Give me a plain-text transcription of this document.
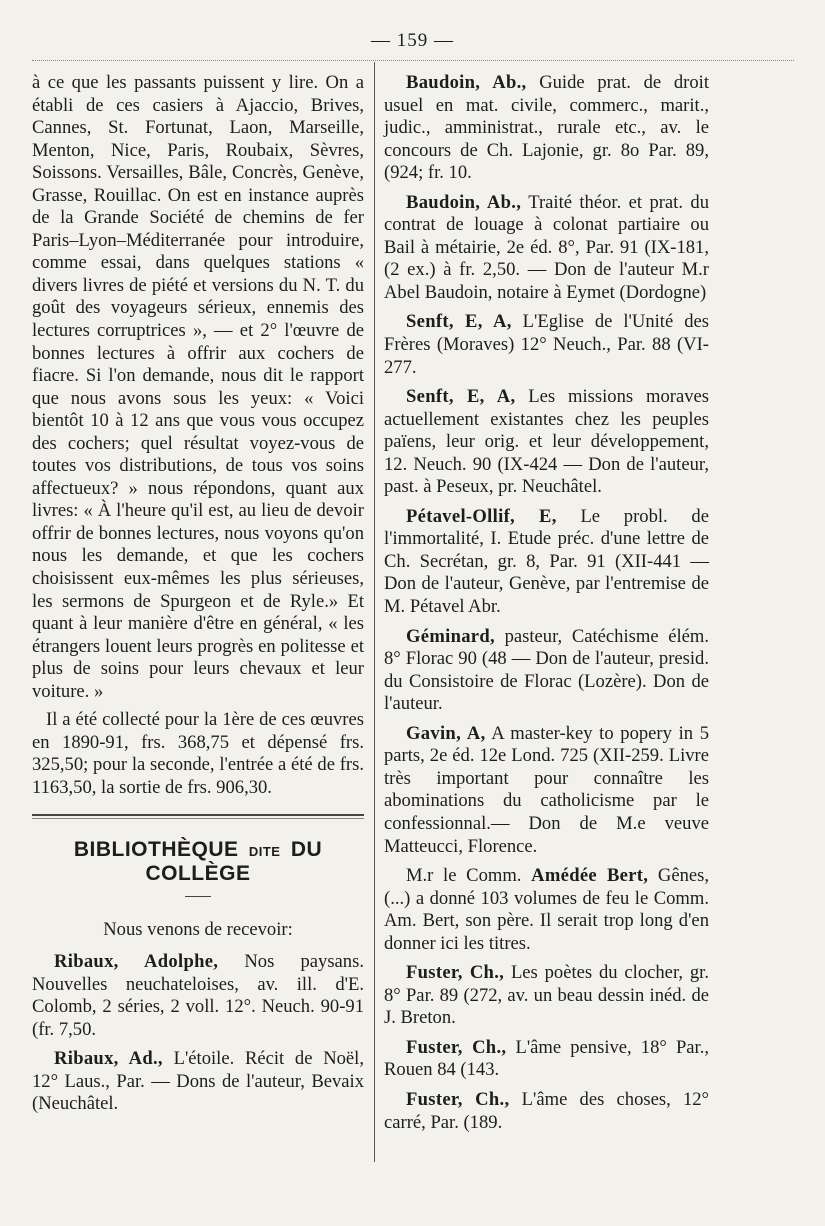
— 159 —

à ce que les passants puissent y lire. On a établi de ces casiers à Ajaccio, Brives, Cannes, St. Fortunat, Laon, Marseille, Menton, Nice, Paris, Roubaix, Sèvres, Soissons. Versailles, Bâle, Concrès, Genève, Grasse, Rouillac. On est en instance auprès de la Grande Société de chemins de fer Paris–Lyon–Méditerranée pour introduire, comme essai, dans quelques stations « divers livres de piété et versions du N. T. du goût des voyageurs sérieux, ennemis des lectures corruptrices », — et 2° l'œuvre de bonnes lectures à offrir aux cochers de fiacre. Si l'on demande, nous dit le rapport que nous avons sous les yeux: « Voici bientôt 10 à 12 ans que vous vous occupez des cochers; quel résultat voyez-vous de toutes vos distributions, de tous vos soins affectueux? » nous répondons, quant aux livres: « À l'heure qu'il est, au lieu de devoir offrir de bonnes lectures, nous voyons qu'on nous les demande, et que les cochers choisissent eux-mêmes les plus sérieuses, les sermons de Spurgeon et de Ryle.» Et quant à leur manière d'être en général, « les étrangers louent leurs progrès en politesse et plus de soins pour leurs chevaux et leur voiture. »

Il a été collecté pour la 1ère de ces œuvres en 1890-91, frs. 368,75 et dépensé frs. 325,50; pour la seconde, l'entrée a été de frs. 1163,50, la sortie de frs. 906,30.

BIBLIOTHÈQUE DITE DU COLLÈGE

Nous venons de recevoir:

Ribaux, Adolphe, Nos paysans. Nouvelles neuchateloises, av. ill. d'E. Colomb, 2 séries, 2 voll. 12°. Neuch. 90-91 (fr. 7,50.

Ribaux, Ad., L'étoile. Récit de Noël, 12° Laus., Par. — Dons de l'auteur, Bevaix (Neuchâtel.

Baudoin, Ab., Guide prat. de droit usuel en mat. civile, commerc., marit., judic., amministrat., rurale etc., av. le concours de Ch. Lajonie, gr. 8o Par. 89, (924; fr. 10.

Baudoin, Ab., Traité théor. et prat. du contrat de louage à colonat partiaire ou Bail à métairie, 2e éd. 8°, Par. 91 (IX-181, (2 ex.) à fr. 2,50. — Don de l'auteur M.r Abel Baudoin, notaire à Eymet (Dordogne)

Senft, E, A, L'Eglise de l'Unité des Frères (Moraves) 12° Neuch., Par. 88 (VI-277.

Senft, E, A, Les missions moraves actuellement existantes chez les peuples païens, leur orig. et leur développement, 12. Neuch. 90 (IX-424 — Don de l'auteur, past. à Peseux, pr. Neuchâtel.

Pétavel-Ollif, E, Le probl. de l'immortalité, I. Etude préc. d'une lettre de Ch. Secrétan, gr. 8, Par. 91 (XII-441 — Don de l'auteur, Genève, par l'entremise de M. Pétavel Abr.

Géminard, pasteur, Catéchisme élém. 8° Florac 90 (48 — Don de l'auteur, presid. du Consistoire de Florac (Lozère). Don de l'auteur.

Gavin, A, A master-key to popery in 5 parts, 2e éd. 12e Lond. 725 (XII-259. Livre très important pour connaître les abominations du catholicisme par le confessionnal.— Don de M.e veuve Matteucci, Florence.

M.r le Comm. Amédée Bert, Gênes,(...) a donné 103 volumes de feu le Comm. Am. Bert, son père. Il serait trop long d'en donner ici les titres.

Fuster, Ch., Les poètes du clocher, gr. 8° Par. 89 (272, av. un beau dessin inéd. de J. Breton.

Fuster, Ch., L'âme pensive, 18° Par., Rouen 84 (143.

Fuster, Ch., L'âme des choses, 12° carré, Par. (189.
